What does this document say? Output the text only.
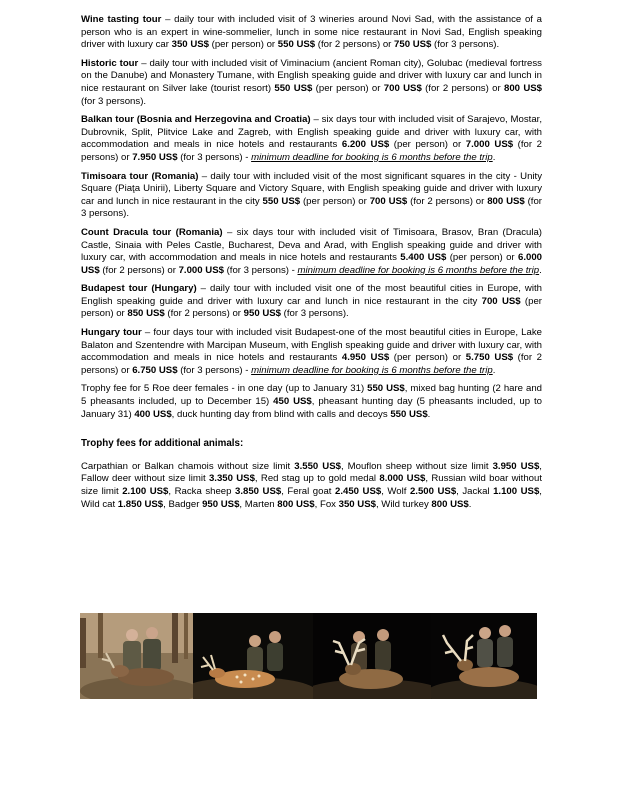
Wine tasting tour – daily tour with included visit of 3 wineries around Novi Sad, with the assistance of a person who is an expert in wine-sommelier, lunch in some nice restaurant in Novi Sad, English speaking driver with luxury car 350 US$ (per person) or 550 US$ (for 2 persons) or 750 US$ (for 3 persons).

Historic tour – daily tour with included visit of Viminacium (ancient Roman city), Golubac (medieval fortress on the Danube) and Monastery Tumane, with English speaking guide and driver with luxury car and lunch in nice restaurant on Silver lake (tourist resort) 550 US$ (per person) or 700 US$ (for 2 persons) or 800 US$ (for 3 persons).

Balkan tour (Bosnia and Herzegovina and Croatia) – six days tour with included visit of Sarajevo, Mostar, Dubrovnik, Split, Plitvice Lake and Zagreb, with English speaking guide and driver with luxury car, with accommodation and meals in nice hotels and restaurants 6.200 US$ (per person) or 7.000 US$ (for 2 persons) or 7.950 US$ (for 3 persons) - minimum deadline for booking is 6 months before the trip.

Timisoara tour (Romania) – daily tour with included visit of the most significant squares in the city - Unity Square (Piaţa Unirii), Liberty Square and Victory Square, with English speaking guide and driver with luxury car and lunch in nice restaurant in the city 550 US$ (per person) or 700 US$ (for 2 persons) or 800 US$ (for 3 persons).

Count Dracula tour (Romania) – six days tour with included visit of Timisoara, Brasov, Bran (Dracula) Castle, Sinaia with Peles Castle, Bucharest, Deva and Arad, with English speaking guide and driver with luxury car, with accommodation and meals in nice hotels and restaurants 5.400 US$ (per person) or 6.000 US$ (for 2 persons) or 7.000 US$ (for 3 persons) - minimum deadline for booking is 6 months before the trip.

Budapest tour (Hungary) – daily tour with included visit one of the most beautiful cities in Europe, with English speaking guide and driver with luxury car and lunch in nice restaurant in the city 700 US$ (per person) or 850 US$ (for 2 persons) or 950 US$ (for 3 persons).

Hungary tour – four days tour with included visit Budapest-one of the most beautiful cities in Europe, Lake Balaton and Szentendre with Marcipan Museum, with English speaking guide and driver with luxury car, with accommodation and meals in nice hotels and restaurants 4.950 US$ (per person) or 5.750 US$ (for 2 persons) or 6.750 US$ (for 3 persons) - minimum deadline for booking is 6 months before the trip.

Trophy fee for 5 Roe deer females - in one day (up to January 31) 550 US$, mixed bag hunting (2 hare and 5 pheasants included, up to December 15) 450 US$, pheasant hunting day (5 pheasants included, up to January 31) 400 US$, duck hunting day from blind with calls and decoys 550 US$.

Trophy fees for additional animals:

Carpathian or Balkan chamois without size limit 3.550 US$, Mouflon sheep without size limit 3.950 US$, Fallow deer without size limit 3.350 US$, Red stag up to gold medal 8.000 US$, Russian wild boar without size limit 2.100 US$, Racka sheep 3.850 US$, Feral goat 2.450 US$, Wolf 2.500 US$, Jackal 1.100 US$, Wild cat 1.850 US$, Badger 950 US$, Marten 800 US$, Fox 350 US$, Wild turkey 800 US$.
